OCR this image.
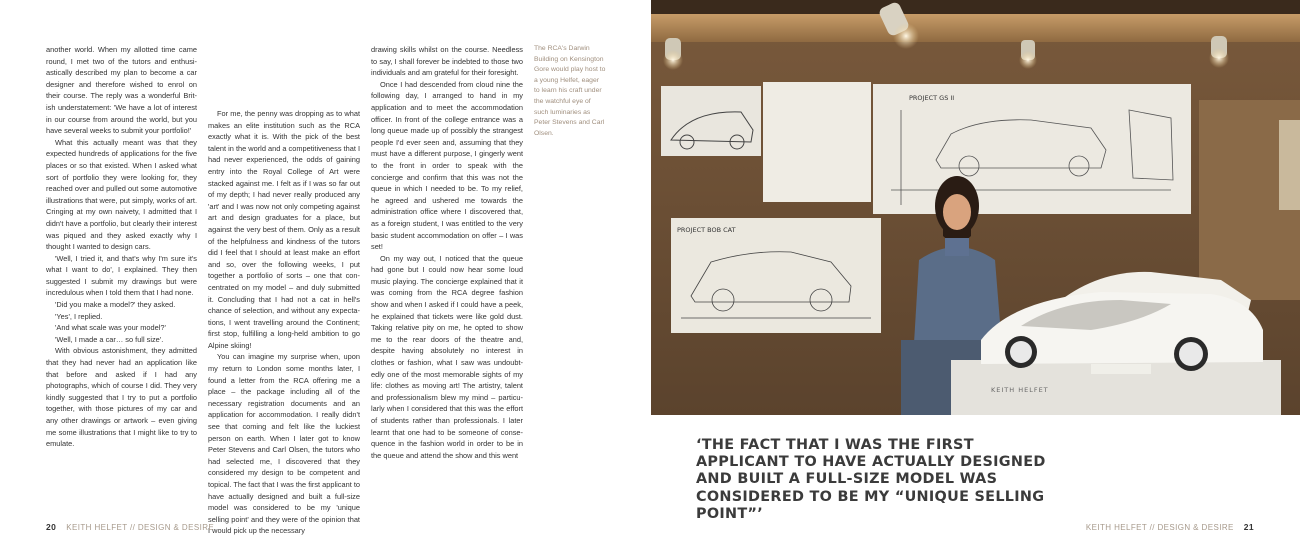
another world. When my allotted time came round, I met two of the tutors and enthusiastically described my plan to become a car designer and therefore wished to enrol on their course. The reply was a wonderful British understatement: 'We have a lot of interest in our course from around the world, but you have several weeks to submit your portfolio!'

What this actually meant was that they expected hundreds of applications for the five places or so that existed. When I asked what sort of portfolio they were looking for, they reached over and pulled out some automotive illustrations that were, put simply, works of art. Cringing at my own naivety, I admitted that I didn't have a portfolio, but clearly their interest was piqued and they asked exactly why I thought I wanted to design cars.

'Well, I tried it, and that's why I'm sure it's what I want to do', I explained. They then suggested I submit my drawings but were incredulous when I told them that I had none.

'Did you make a model?' they asked.

'Yes', I replied.

'And what scale was your model?'

'Well, I made a car… so full size'.

With obvious astonishment, they admitted that they had never had an application like that before and asked if I had any photographs, which of course I did. They very kindly suggested that I try to put a portfolio together, with those pictures of my car and any other drawings or artwork – even giving me some illustrations that I might like to try to emulate.

For me, the penny was dropping as to what makes an elite institution such as the RCA exactly what it is. With the pick of the best talent in the world and a competitiveness that I had never experienced, the odds of gaining entry into the Royal College of Art were stacked against me. I felt as if I was so far out of my depth; I had never really produced any 'art' and I was now not only competing against art and design graduates for a place, but against the very best of them. Only as a result of the helpfulness and kindness of the tutors did I feel that I should at least make an effort and so, over the following weeks, I put together a portfolio of sorts – one that concentrated on my model – and duly submitted it. Concluding that I had not a cat in hell's chance of selection, and without any expectations, I went travelling around the Continent; first stop, fulfilling a long-held ambition to go Alpine skiing!

You can imagine my surprise when, upon my return to London some months later, I found a letter from the RCA offering me a place – the package including all of the necessary registration documents and an application for accommodation. I really didn't see that coming and felt like the luckiest person on earth. When I later got to know Peter Stevens and Carl Olsen, the tutors who had selected me, I discovered that they considered my design to be competent and topical. The fact that I was the first applicant to have actually designed and built a full-size model was considered to be my 'unique selling point' and they were of the opinion that I would pick up the necessary

drawing skills whilst on the course. Needless to say, I shall forever be indebted to those two individuals and am grateful for their foresight.

Once I had descended from cloud nine the following day, I arranged to hand in my application and to meet the accommodation officer. In front of the college entrance was a long queue made up of possibly the strangest people I'd ever seen and, assuming that they must have a different purpose, I gingerly went to the front in order to speak with the concierge and confirm that this was not the queue in which I needed to be. To my relief, he agreed and ushered me towards the administration office where I discovered that, as a foreign student, I was entitled to the very basic student accommodation on offer – I was set!

On my way out, I noticed that the queue had gone but I could now hear some loud music playing. The concierge explained that it was coming from the RCA degree fashion show and when I asked if I could have a peek, he explained that tickets were like gold dust. Taking relative pity on me, he opted to show me to the rear doors of the theatre and, despite having absolutely no interest in clothes or fashion, what I saw was undoubtedly one of the most memorable sights of my life: clothes as moving art! The artistry, talent and professionalism blew my mind – particularly when I considered that this was the effort of students rather than professionals. I later learnt that one had to be someone of consequence in the fashion world in order to be in the queue and attend the show and this went

The RCA's Darwin Building on Kensington Gore would play host to a young Helfet, eager to learn his craft under the watchful eye of such luminaries as Peter Stevens and Carl Olsen.
20 KEITH HELFET // DESIGN & DESIRE
PROJECT GS II
PROJECT BOB CAT
KEITH HELFET
‘THE FACT THAT I WAS THE FIRST APPLICANT TO HAVE ACTUALLY DESIGNED AND BUILT A FULL-SIZE MODEL WAS CONSIDERED TO BE MY “UNIQUE SELLING POINT”’
KEITH HELFET // DESIGN & DESIRE 21
